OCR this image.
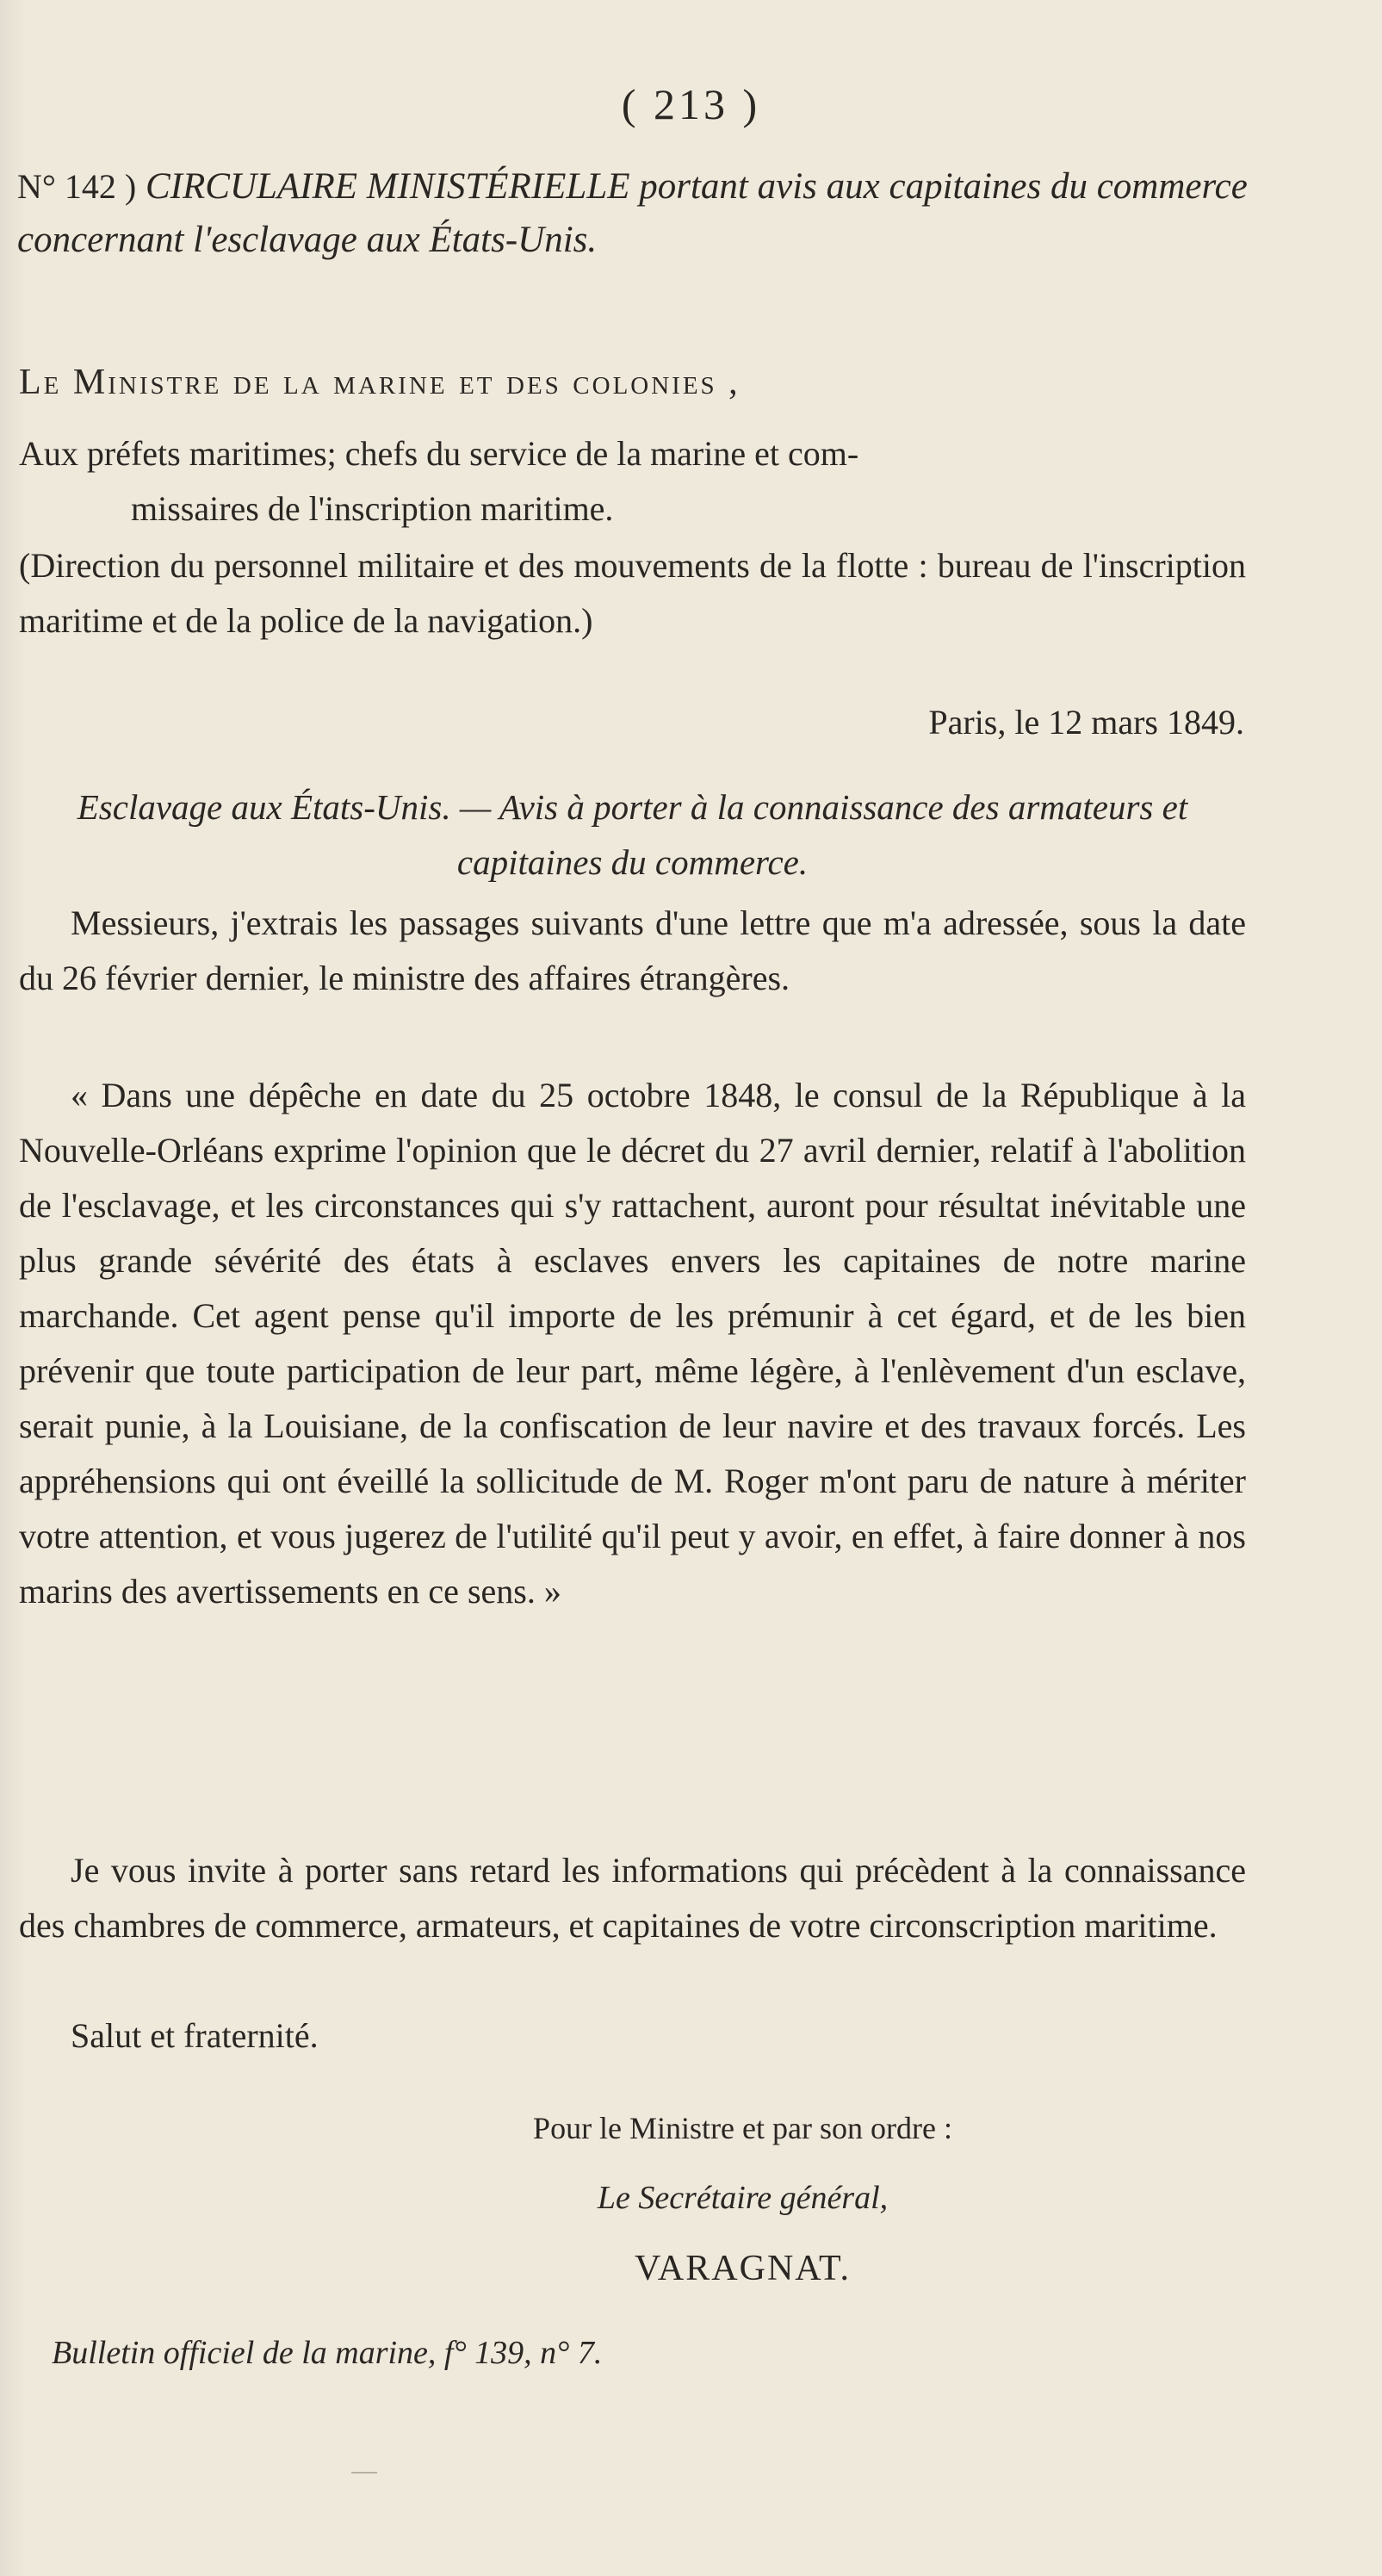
( 213 )
N° 142 ) CIRCULAIRE MINISTÉRIELLE portant avis aux capitaines du commerce concernant l'esclavage aux États-Unis.
Le Ministre de la marine et des colonies ,
Aux préfets maritimes; chefs du service de la marine et com-
missaires de l'inscription maritime.
(Direction du personnel militaire et des mouvements de la flotte : bureau de l'inscription maritime et de la police de la navigation.)
Paris, le 12 mars 1849.
Esclavage aux États-Unis. — Avis à porter à la connaissance des armateurs et capitaines du commerce.
Messieurs, j'extrais les passages suivants d'une lettre que m'a adressée, sous la date du 26 février dernier, le ministre des affaires étrangères.
« Dans une dépêche en date du 25 octobre 1848, le consul de la République à la Nouvelle-Orléans exprime l'opinion que le décret du 27 avril dernier, relatif à l'abolition de l'esclavage, et les circonstances qui s'y rattachent, auront pour résultat inévitable une plus grande sévérité des états à esclaves envers les capitaines de notre marine marchande. Cet agent pense qu'il importe de les prémunir à cet égard, et de les bien prévenir que toute participation de leur part, même légère, à l'enlèvement d'un esclave, serait punie, à la Louisiane, de la confiscation de leur navire et des travaux forcés. Les appréhensions qui ont éveillé la sollicitude de M. Roger m'ont paru de nature à mériter votre attention, et vous jugerez de l'utilité qu'il peut y avoir, en effet, à faire donner à nos marins des avertissements en ce sens. »
Je vous invite à porter sans retard les informations qui précèdent à la connaissance des chambres de commerce, armateurs, et capitaines de votre circonscription maritime.
Salut et fraternité.
Pour le Ministre et par son ordre :
Le Secrétaire général,
VARAGNAT.
Bulletin officiel de la marine, f° 139, n° 7.
